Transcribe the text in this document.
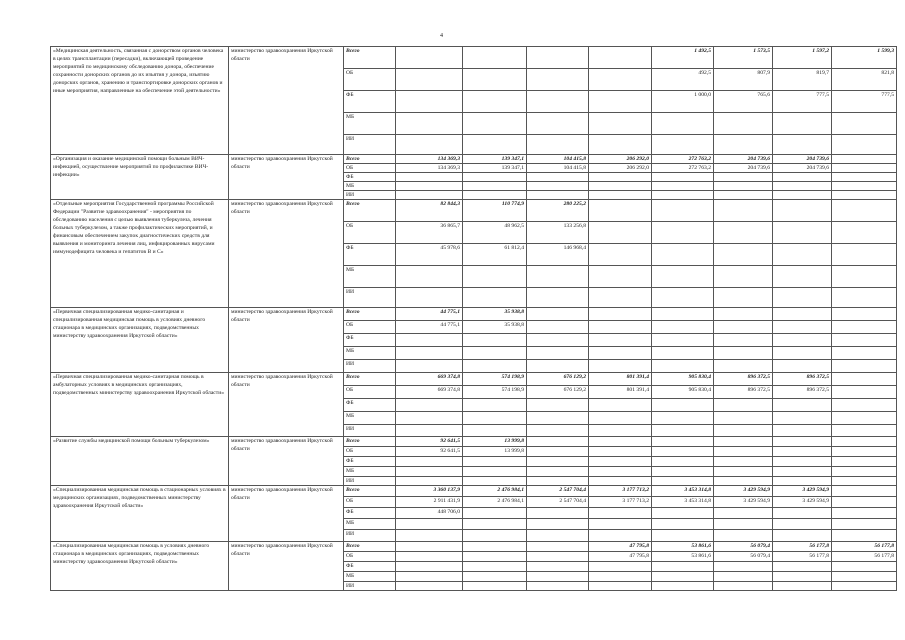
4
«Медицинская деятельность, связанная с донорством органов человека в целях трансплантации (пересадки), включающей проведение мероприятий по медицинскому обследованию донора, обеспечение сохранности донорских органов до их изъятия у донора, изъятию донорских органов, хранению и транспортировке донорских органов и иные мероприятия, направленные на обеспечение этой деятельности»	министерство здравоохранения Иркутской области	Всего					1 492,5	1 573,5	1 597,2	1 599,3
		ОБ					492,5	807,9	819,7	821,8
		ФБ					1 000,0	765,6	777,5	777,5
		МБ								
		ИИ								
«Организация и оказание медицинской помощи больным ВИЧ-инфекцией, осуществление мероприятий по профилактике ВИЧ-инфекции»	министерство здравоохранения Иркутской области	Всего	134 369,3	139 347,1	104 415,8	206 292,0	272 763,2	204 739,6	204 739,6	
		ОБ	134 369,3	139 347,1	104 415,8	206 292,0	272 763,2	204 739,6	204 739,6	
		ФБ								
		МБ								
		ИИ								
«Отдельные мероприятия Государственной программы Российской Федерации "Развитие здравоохранения" - мероприятия по обследованию населения с целью выявления туберкулеза, лечения больных туберкулезом, а также профилактических мероприятий, и финансовым обеспечением закупок диагностических средств для выявления и мониторинга лечения лиц, инфицированных вирусами иммунодефицита человека и гепатитов В и С»	министерство здравоохранения Иркутской области	Всего	82 844,3	110 774,9	280 225,2					
		ОБ	36 865,7	48 962,5	133 256,8					
		ФБ	45 978,6	61 812,4	146 968,4					
		МБ								
		ИИ								
«Первичная специализированная медико-санитарная и специализированная медицинская помощь в условиях дневного стационара в медицинских организациях, подведомственных министерству здравоохранения Иркутской области»	министерство здравоохранения Иркутской области	Всего	44 775,1	35 938,8						
		ОБ	44 775,1	35 938,8						
		ФБ								
		МБ								
		ИИ								
«Первичная специализированная медико-санитарная помощь в амбулаторных условиях в медицинских организациях, подведомственных министерству здравоохранения Иркутской области»	министерство здравоохранения Иркутской области	Всего	669 374,8	574 198,9	676 129,2	801 391,4	905 830,4	896 372,5	896 372,5	
		ОБ	669 374,8	574 198,9	676 129,2	801 391,4	905 830,4	896 372,5	896 372,5	
		ФБ								
		МБ								
		ИИ								
«Развитие службы медицинской помощи больным туберкулезом»	министерство здравоохранения Иркутской области	Всего	92 641,5	13 999,8						
		ОБ	92 641,5	13 999,8						
		ФБ								
		МБ								
		ИИ								
«Специализированная медицинская помощь в стационарных условиях в медицинских организациях, подведомственных министерству здравоохранения Иркутской области»	министерство здравоохранения Иркутской области	Всего	3 360 137,9	2 476 984,1	2 547 704,4	3 177 713,2	3 453 314,8	3 429 594,9	3 429 594,9	
		ОБ	2 911 431,9	2 476 984,1	2 547 704,4	3 177 713,2	3 453 314,8	3 429 594,9	3 429 594,9	
		ФБ	448 706,0							
		МБ								
		ИИ								
«Специализированная медицинская помощь в условиях дневного стационара в медицинских организациях, подведомственных министерству здравоохранения Иркутской области»	министерство здравоохранения Иркутской области	Всего				47 795,8	53 861,6	56 079,4	56 177,8	56 177,8
		ОБ				47 795,8	53 861,6	56 079,4	56 177,8	56 177,8
		ФБ								
		МБ								
		ИИ								
